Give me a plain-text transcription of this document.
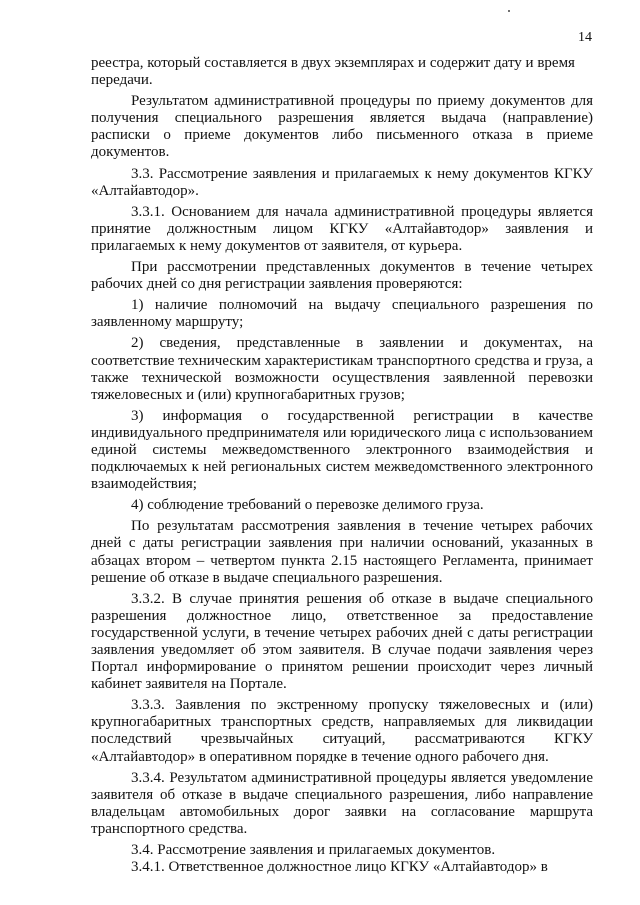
14

реестра, который составляется в двух экземплярах и содержит дату и время передачи.

Результатом административной процедуры по приему документов для получения специального разрешения является выдача (направление) расписки о приеме документов либо письменного отказа в приеме документов.

3.3. Рассмотрение заявления и прилагаемых к нему документов КГКУ «Алтайавтодор».

3.3.1. Основанием для начала административной процедуры является принятие должностным лицом КГКУ «Алтайавтодор» заявления и прилагаемых к нему документов от заявителя, от курьера.

При рассмотрении представленных документов в течение четырех рабочих дней со дня регистрации заявления проверяются:

1) наличие полномочий на выдачу специального разрешения по заявленному маршруту;

2) сведения, представленные в заявлении и документах, на соответствие техническим характеристикам транспортного средства и груза, а также технической возможности осуществления заявленной перевозки тяжеловесных и (или) крупногабаритных грузов;

3) информация о государственной регистрации в качестве индивидуального предпринимателя или юридического лица с использованием единой системы межведомственного электронного взаимодействия и подключаемых к ней региональных систем межведомственного электронного взаимодействия;

4) соблюдение требований о перевозке делимого груза.

По результатам рассмотрения заявления в течение четырех рабочих дней с даты регистрации заявления при наличии оснований, указанных в абзацах втором – четвертом пункта 2.15 настоящего Регламента, принимает решение об отказе в выдаче специального разрешения.

3.3.2. В случае принятия решения об отказе в выдаче специального разрешения должностное лицо, ответственное за предоставление государственной услуги, в течение четырех рабочих дней с даты регистрации заявления уведомляет об этом заявителя. В случае подачи заявления через Портал информирование о принятом решении происходит через личный кабинет заявителя на Портале.

3.3.3. Заявления по экстренному пропуску тяжеловесных и (или) крупногабаритных транспортных средств, направляемых для ликвидации последствий чрезвычайных ситуаций, рассматриваются КГКУ «Алтайавтодор» в оперативном порядке в течение одного рабочего дня.

3.3.4. Результатом административной процедуры является уведомление заявителя об отказе в выдаче специального разрешения, либо направление владельцам автомобильных дорог заявки на согласование маршрута транспортного средства.

3.4. Рассмотрение заявления и прилагаемых документов.

3.4.1. Ответственное должностное лицо КГКУ «Алтайавтодор» в
